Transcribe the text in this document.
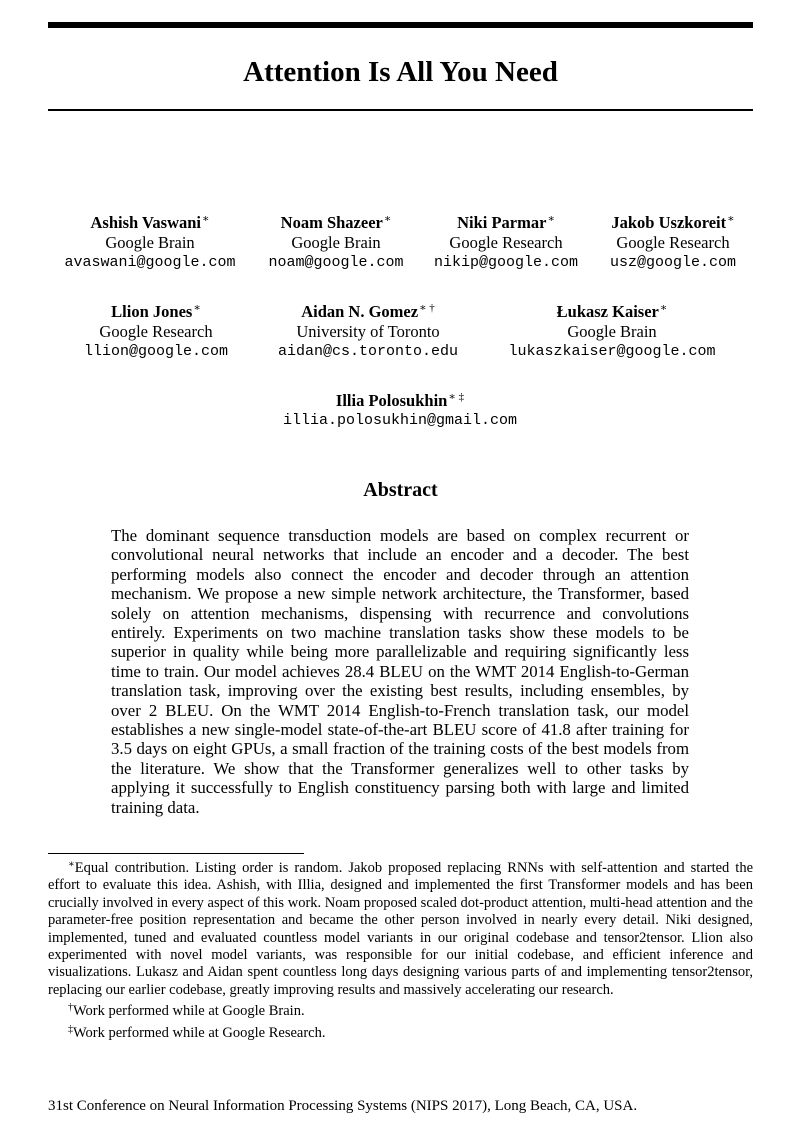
Attention Is All You Need
Ashish Vaswani∗
Google Brain
avaswani@google.com
Noam Shazeer∗
Google Brain
noam@google.com
Niki Parmar∗
Google Research
nikip@google.com
Jakob Uszkoreit∗
Google Research
usz@google.com
Llion Jones∗
Google Research
llion@google.com
Aidan N. Gomez∗ †
University of Toronto
aidan@cs.toronto.edu
Łukasz Kaiser∗
Google Brain
lukaszkaiser@google.com
Illia Polosukhin∗ ‡
illia.polosukhin@gmail.com
Abstract
The dominant sequence transduction models are based on complex recurrent or convolutional neural networks that include an encoder and a decoder. The best performing models also connect the encoder and decoder through an attention mechanism. We propose a new simple network architecture, the Transformer, based solely on attention mechanisms, dispensing with recurrence and convolutions entirely. Experiments on two machine translation tasks show these models to be superior in quality while being more parallelizable and requiring significantly less time to train. Our model achieves 28.4 BLEU on the WMT 2014 English-to-German translation task, improving over the existing best results, including ensembles, by over 2 BLEU. On the WMT 2014 English-to-French translation task, our model establishes a new single-model state-of-the-art BLEU score of 41.8 after training for 3.5 days on eight GPUs, a small fraction of the training costs of the best models from the literature. We show that the Transformer generalizes well to other tasks by applying it successfully to English constituency parsing both with large and limited training data.

∗Equal contribution. Listing order is random. Jakob proposed replacing RNNs with self-attention and started the effort to evaluate this idea. Ashish, with Illia, designed and implemented the first Transformer models and has been crucially involved in every aspect of this work. Noam proposed scaled dot-product attention, multi-head attention and the parameter-free position representation and became the other person involved in nearly every detail. Niki designed, implemented, tuned and evaluated countless model variants in our original codebase and tensor2tensor. Llion also experimented with novel model variants, was responsible for our initial codebase, and efficient inference and visualizations. Lukasz and Aidan spent countless long days designing various parts of and implementing tensor2tensor, replacing our earlier codebase, greatly improving results and massively accelerating our research.

†Work performed while at Google Brain.

‡Work performed while at Google Research.

31st Conference on Neural Information Processing Systems (NIPS 2017), Long Beach, CA, USA.
